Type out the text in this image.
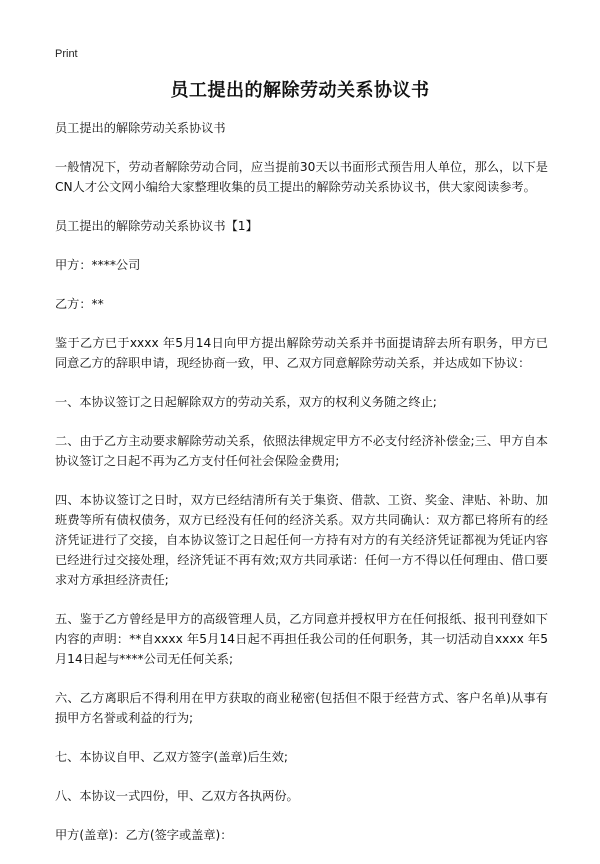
Print
员工提出的解除劳动关系协议书

员工提出的解除劳动关系协议书

一般情况下，劳动者解除劳动合同，应当提前30天以书面形式预告用人单位，那么，以下是CN人才公文网小编给大家整理收集的员工提出的解除劳动关系协议书，供大家阅读参考。

员工提出的解除劳动关系协议书【1】

甲方：****公司

乙方：**

鉴于乙方已于xxxx 年5月14日向甲方提出解除劳动关系并书面提请辞去所有职务，甲方已同意乙方的辞职申请，现经协商一致，甲、乙双方同意解除劳动关系，并达成如下协议：

一、本协议签订之日起解除双方的劳动关系，双方的权利义务随之终止;

二、由于乙方主动要求解除劳动关系，依照法律规定甲方不必支付经济补偿金;三、甲方自本协议签订之日起不再为乙方支付任何社会保险金费用;

四、本协议签订之日时，双方已经结清所有关于集资、借款、工资、奖金、津贴、补助、加班费等所有债权债务，双方已经没有任何的经济关系。双方共同确认：双方都已将所有的经济凭证进行了交接，自本协议签订之日起任何一方持有对方的有关经济凭证都视为凭证内容已经进行过交接处理，经济凭证不再有效;双方共同承诺：任何一方不得以任何理由、借口要求对方承担经济责任;

五、鉴于乙方曾经是甲方的高级管理人员，乙方同意并授权甲方在任何报纸、报刊刊登如下内容的声明：**自xxxx 年5月14日起不再担任我公司的任何职务，其一切活动自xxxx 年5月14日起与****公司无任何关系;

六、乙方离职后不得利用在甲方获取的商业秘密(包括但不限于经营方式、客户名单)从事有损甲方名誉或利益的行为;

七、本协议自甲、乙双方签字(盖章)后生效;

八、本协议一式四份，甲、乙双方各执两份。

甲方(盖章)：乙方(签字或盖章)：
